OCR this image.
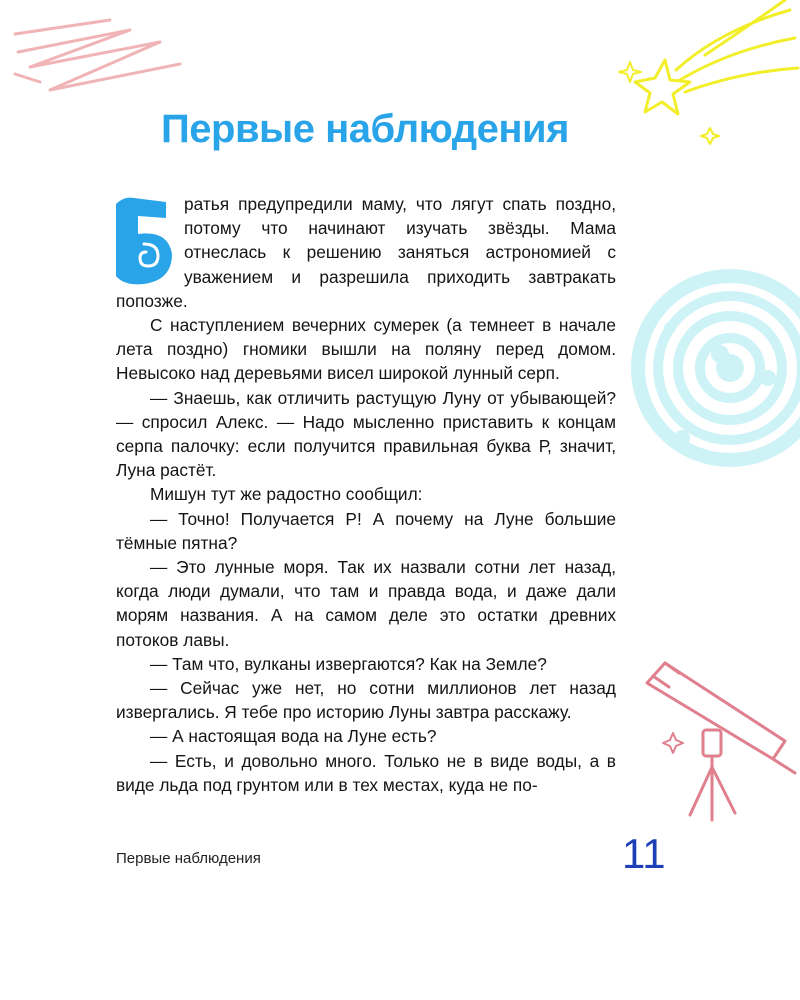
Первые наблюдения

ратья предупредили маму, что лягут спать поздно, потому что начинают изучать звёзды. Мама отнеслась к решению заняться астрономией с уважением и разрешила приходить завтракать попозже.

С наступлением вечерних сумерек (а темнеет в начале лета поздно) гномики вышли на поляну перед домом. Невысоко над деревьями висел широкой лунный серп.

— Знаешь, как отличить растущую Луну от убывающей? — спросил Алекс. — Надо мысленно приставить к концам серпа палочку: если получится правильная буква Р, значит, Луна растёт.

Мишун тут же радостно сообщил:

— Точно! Получается Р! А почему на Луне большие тёмные пятна?

— Это лунные моря. Так их назвали сотни лет назад, когда люди думали, что там и правда вода, и даже дали морям названия. А на самом деле это остатки древних потоков лавы.

— Там что, вулканы извергаются? Как на Земле?

— Сейчас уже нет, но сотни миллионов лет назад извергались. Я тебе про историю Луны завтра расскажу.

— А настоящая вода на Луне есть?

— Есть, и довольно много. Только не в виде воды, а в виде льда под грунтом или в тех местах, куда не по-

Первые наблюдения	11
